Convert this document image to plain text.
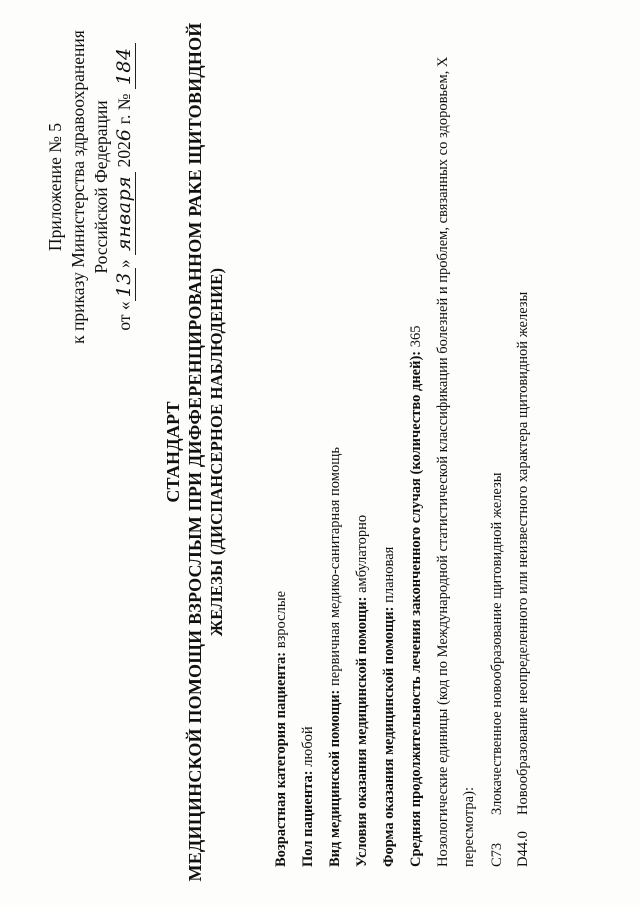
Приложение № 5 к приказу Министерства здравоохранения Российской Федерации
от «13» января 2026 г. № 184
СТАНДАРТ МЕДИЦИНСКОЙ ПОМОЩИ ВЗРОСЛЫМ ПРИ ДИФФЕРЕНЦИРОВАННОМ РАКЕ ЩИТОВИДНОЙ ЖЕЛЕЗЫ (ДИСПАНСЕРНОЕ НАБЛЮДЕНИЕ)
Возрастная категория пациента: взрослые
Пол пациента: любой Вид медицинской помощи: первичная медико-санитарная помощь
Условия оказания медицинской помощи: амбулаторно
Форма оказания медицинской помощи: плановая Средняя продолжительность лечения законченного случая (количество дней): 365 Нозологические единицы (код по Международной статистической классификации болезней и проблем, связанных со здоровьем, X пересмотра): C73
Злокачественное новообразование щитовидной железы
D44.0
Новообразование неопределенного или неизвестного характера щитовидной железы
